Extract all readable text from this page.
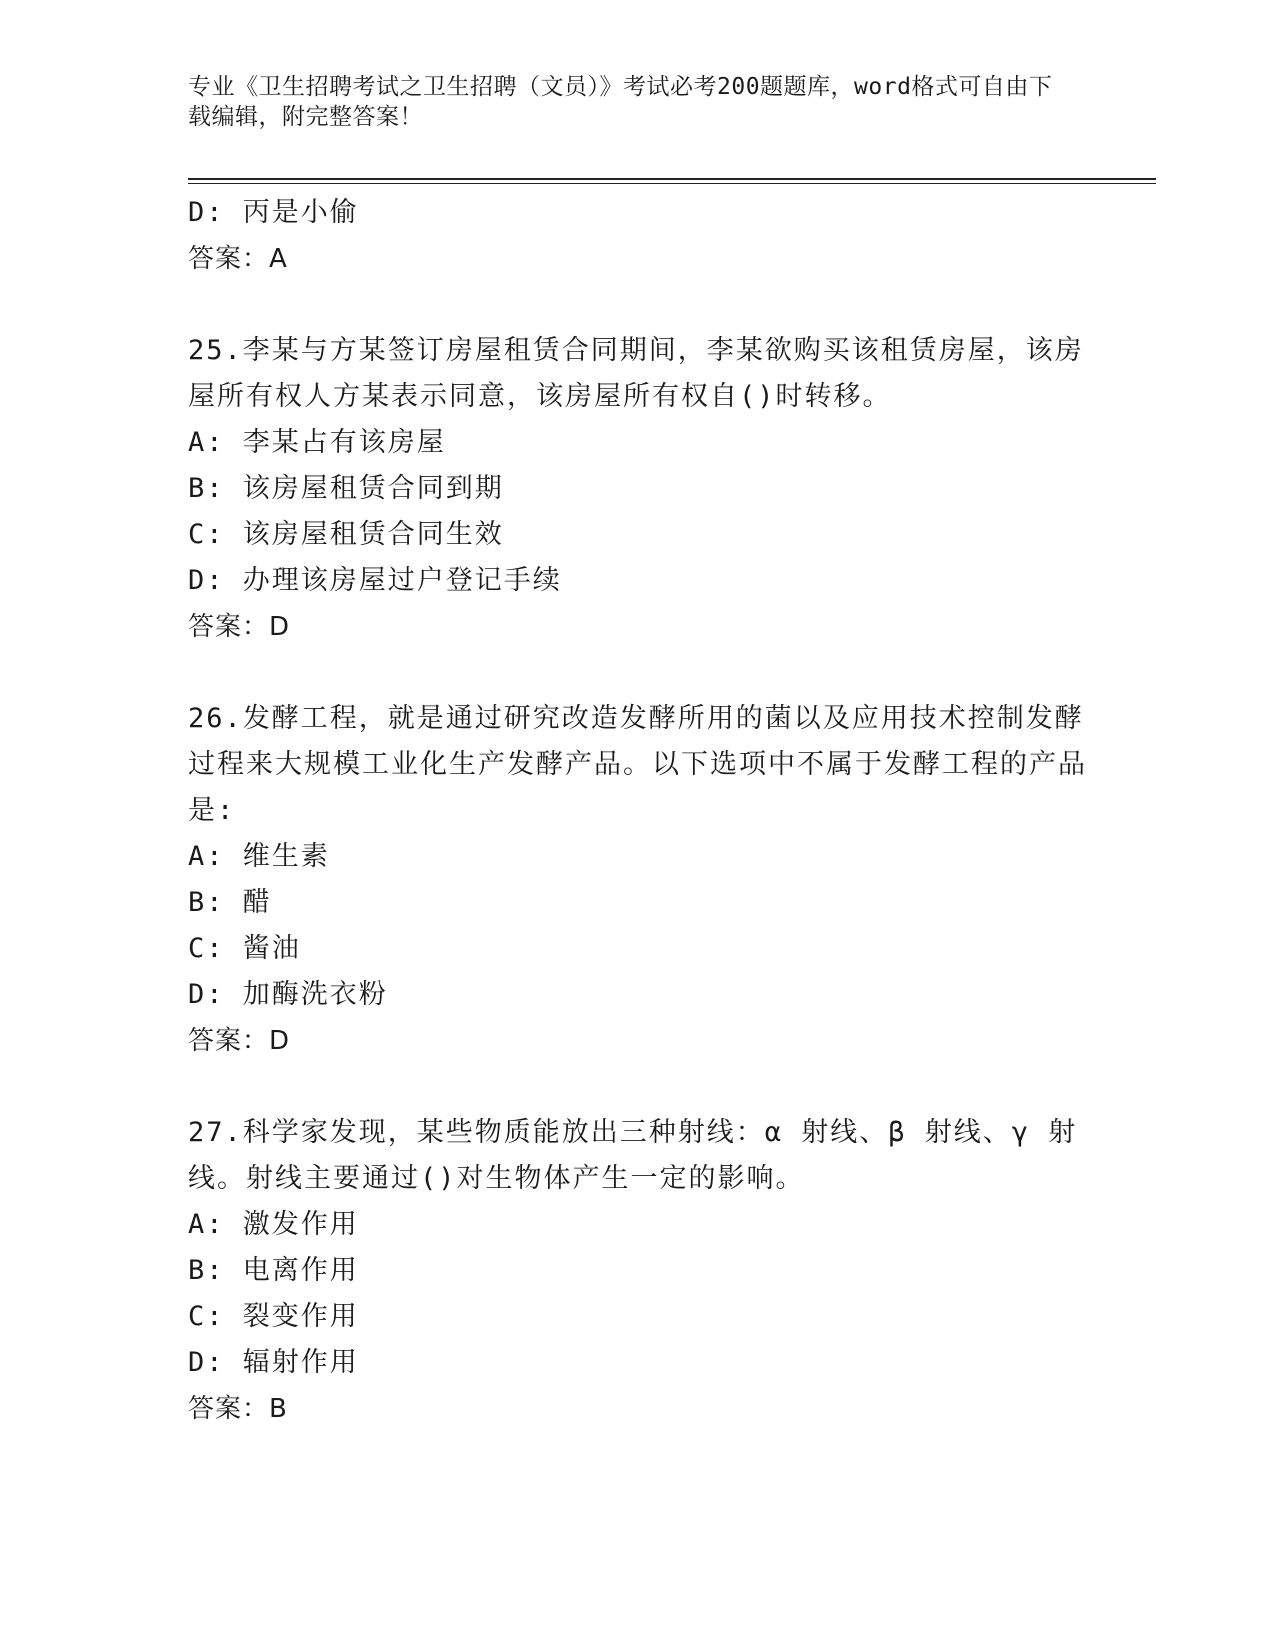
专业《卫生招聘考试之卫生招聘（文员）》考试必考200题题库，word格式可自由下载编辑，附完整答案！
D: 丙是小偷
答案：A
25.李某与方某签订房屋租赁合同期间，李某欲购买该租赁房屋，该房屋所有权人方某表示同意，该房屋所有权自()时转移。
A: 李某占有该房屋
B: 该房屋租赁合同到期
C: 该房屋租赁合同生效
D: 办理该房屋过户登记手续
答案：D
26.发酵工程，就是通过研究改造发酵所用的菌以及应用技术控制发酵过程来大规模工业化生产发酵产品。以下选项中不属于发酵工程的产品是:
A: 维生素
B: 醋
C: 酱油
D: 加酶洗衣粉
答案：D
27.科学家发现，某些物质能放出三种射线：α 射线、β 射线、γ 射线。射线主要通过()对生物体产生一定的影响。
A: 激发作用
B: 电离作用
C: 裂变作用
D: 辐射作用
答案：B
